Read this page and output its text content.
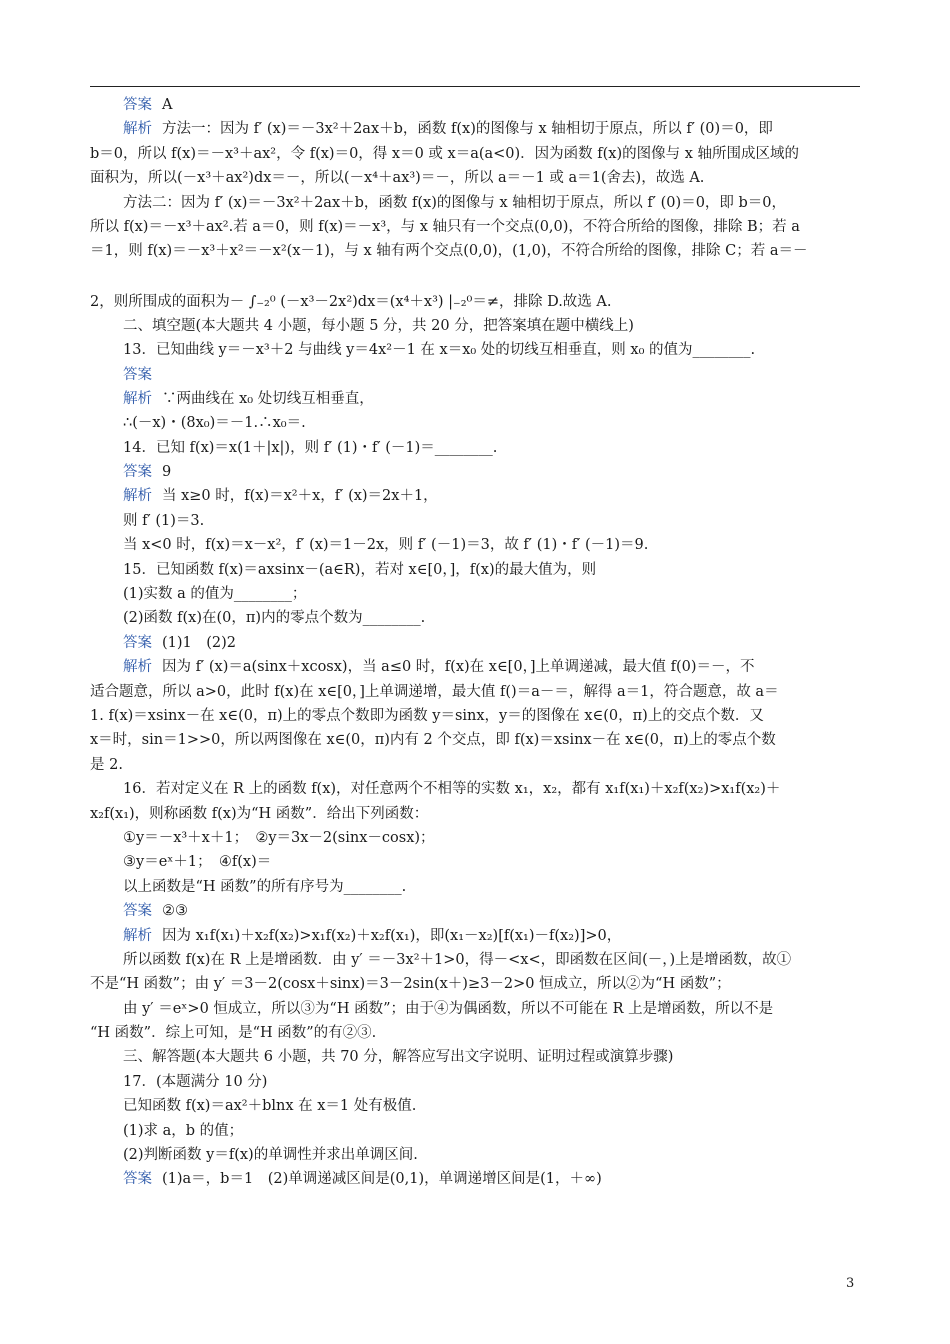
答案 A
解析 方法一：因为 f′ (x)＝－3x²＋2ax＋b，函数 f(x)的图像与 x 轴相切于原点，所以 f′ (0)＝0，即
b＝0，所以 f(x)＝－x³＋ax²，令 f(x)＝0，得 x＝0 或 x＝a(a<0)．因为函数 f(x)的图像与 x 轴所围成区域的
面积为，所以(－x³＋ax²)dx＝－，所以(－x⁴＋ax³)＝－，所以 a＝－1 或 a＝1(舍去)，故选 A.
方法二：因为 f′ (x)＝－3x²＋2ax＋b，函数 f(x)的图像与 x 轴相切于原点，所以 f′ (0)＝0，即 b＝0，
所以 f(x)＝－x³＋ax².若 a＝0，则 f(x)＝－x³，与 x 轴只有一个交点(0,0)，不符合所给的图像，排除 B；若 a
＝1，则 f(x)＝－x³＋x²＝－x²(x－1)，与 x 轴有两个交点(0,0)，(1,0)，不符合所给的图像，排除 C；若 a＝－
2，则所围成的面积为－ ∫₋₂⁰ (－x³－2x²)dx＝(x⁴＋x³) |₋₂⁰＝≠，排除 D.故选 A.
二、填空题(本大题共 4 小题，每小题 5 分，共 20 分，把答案填在题中横线上)
13．已知曲线 y＝－x³＋2 与曲线 y＝4x²－1 在 x＝x₀ 处的切线互相垂直，则 x₀ 的值为________.
答案
解析 ∵两曲线在 x₀ 处切线互相垂直，
∴(－x)・(8x₀)＝－1.∴x₀＝.
14．已知 f(x)＝x(1＋|x|)，则 f′ (1)・f′ (－1)＝________.
答案 9
解析 当 x≥0 时，f(x)＝x²＋x，f′ (x)＝2x＋1，
则 f′ (1)＝3.
当 x<0 时，f(x)＝x－x²，f′ (x)＝1－2x，则 f′ (－1)＝3，故 f′ (1)・f′ (－1)＝9.
15．已知函数 f(x)＝axsinx－(a∈R)，若对 x∈[0，]，f(x)的最大值为，则
(1)实数 a 的值为________；
(2)函数 f(x)在(0，π)内的零点个数为________.
答案 (1)1　(2)2
解析 因为 f′ (x)＝a(sinx＋xcosx)，当 a≤0 时，f(x)在 x∈[0，]上单调递减，最大值 f(0)＝－，不
适合题意，所以 a>0，此时 f(x)在 x∈[0，]上单调递增，最大值 f()＝a－＝，解得 a＝1，符合题意，故 a＝
1. f(x)＝xsinx－在 x∈(0，π)上的零点个数即为函数 y＝sinx，y＝的图像在 x∈(0，π)上的交点个数．又
x＝时，sin＝1>>0，所以两图像在 x∈(0，π)内有 2 个交点，即 f(x)＝xsinx－在 x∈(0，π)上的零点个数
是 2.
16．若对定义在 R 上的函数 f(x)，对任意两个不相等的实数 x₁，x₂，都有 x₁f(x₁)＋x₂f(x₂)>x₁f(x₂)＋
x₂f(x₁)，则称函数 f(x)为“H 函数”．给出下列函数：
①y＝－x³＋x＋1；　②y＝3x－2(sinx－cosx)；
③y＝eˣ＋1；　④f(x)＝
以上函数是“H 函数”的所有序号为________.
答案 ②③
解析 因为 x₁f(x₁)＋x₂f(x₂)>x₁f(x₂)＋x₂f(x₁)，即(x₁－x₂)[f(x₁)－f(x₂)]>0，
所以函数 f(x)在 R 上是增函数．由 y′ ＝－3x²＋1>0，得－<x<，即函数在区间(－，)上是增函数，故①
不是“H 函数”；由 y′ ＝3－2(cosx＋sinx)＝3－2sin(x＋)≥3－2>0 恒成立，所以②为“H 函数”；
由 y′ ＝eˣ>0 恒成立，所以③为“H 函数”；由于④为偶函数，所以不可能在 R 上是增函数，所以不是
“H 函数”．综上可知，是“H 函数”的有②③.
三、解答题(本大题共 6 小题，共 70 分，解答应写出文字说明、证明过程或演算步骤)
17．(本题满分 10 分)
已知函数 f(x)＝ax²＋blnx 在 x＝1 处有极值.
(1)求 a，b 的值；
(2)判断函数 y＝f(x)的单调性并求出单调区间.
答案 (1)a＝，b＝1　(2)单调递减区间是(0,1)，单调递增区间是(1，＋∞)
3
